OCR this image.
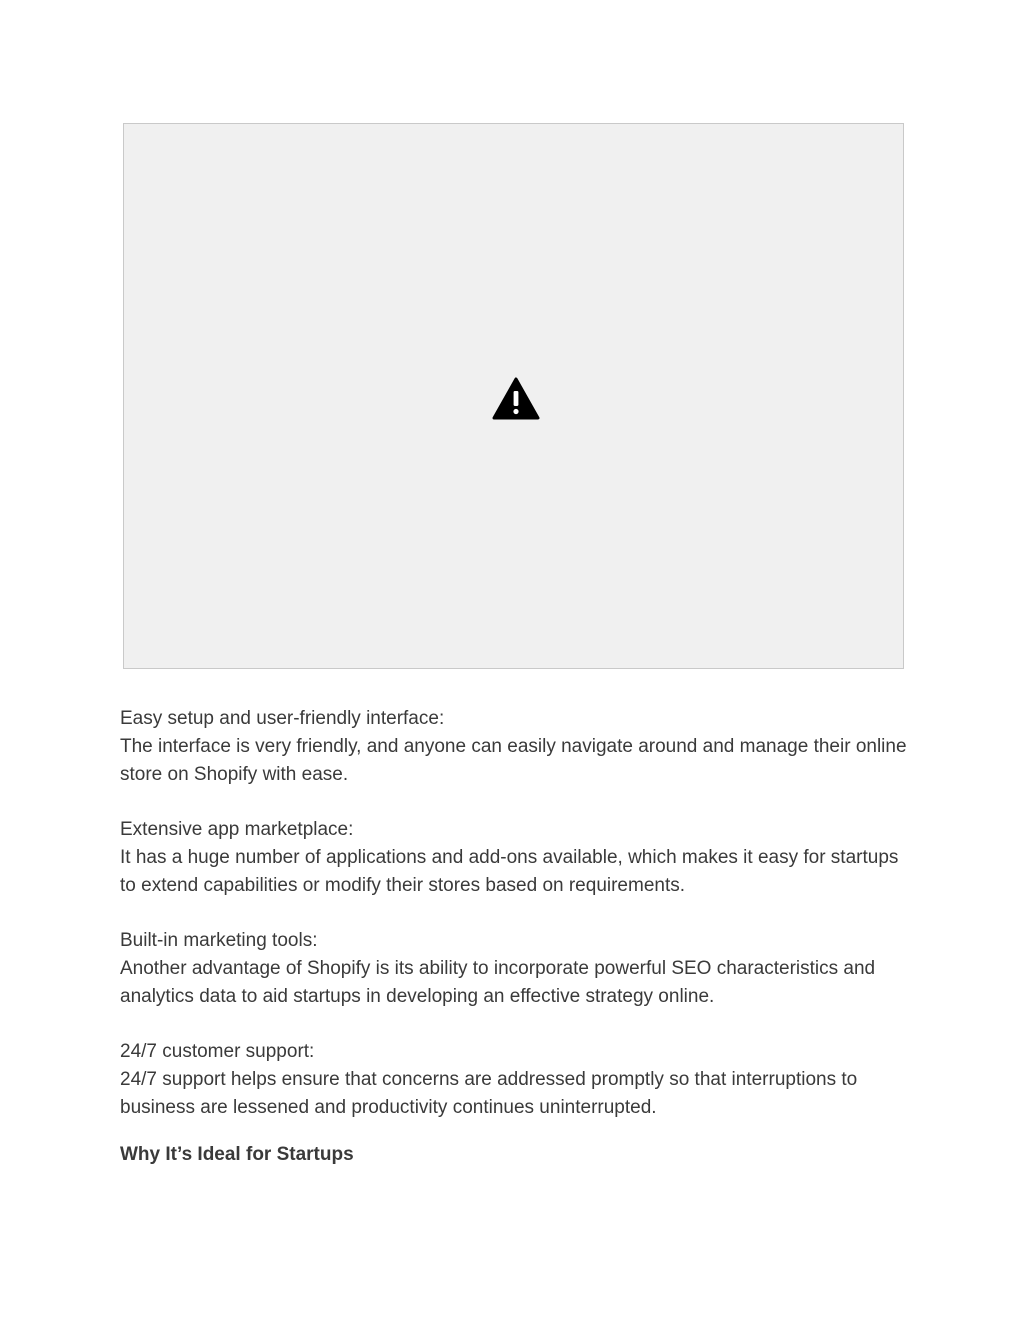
Easy setup and user-friendly interface:

The interface is very friendly, and anyone can easily navigate around and manage their online store on Shopify with ease.

Extensive app marketplace:

It has a huge number of applications and add-ons available, which makes it easy for startups to extend capabilities or modify their stores based on requirements.

Built-in marketing tools:

Another advantage of Shopify is its ability to incorporate powerful SEO characteristics and analytics data to aid startups in developing an effective strategy online.

24/7 customer support:

24/7 support helps ensure that concerns are addressed promptly so that interruptions to business are lessened and productivity continues uninterrupted.

Why It’s Ideal for Startups
